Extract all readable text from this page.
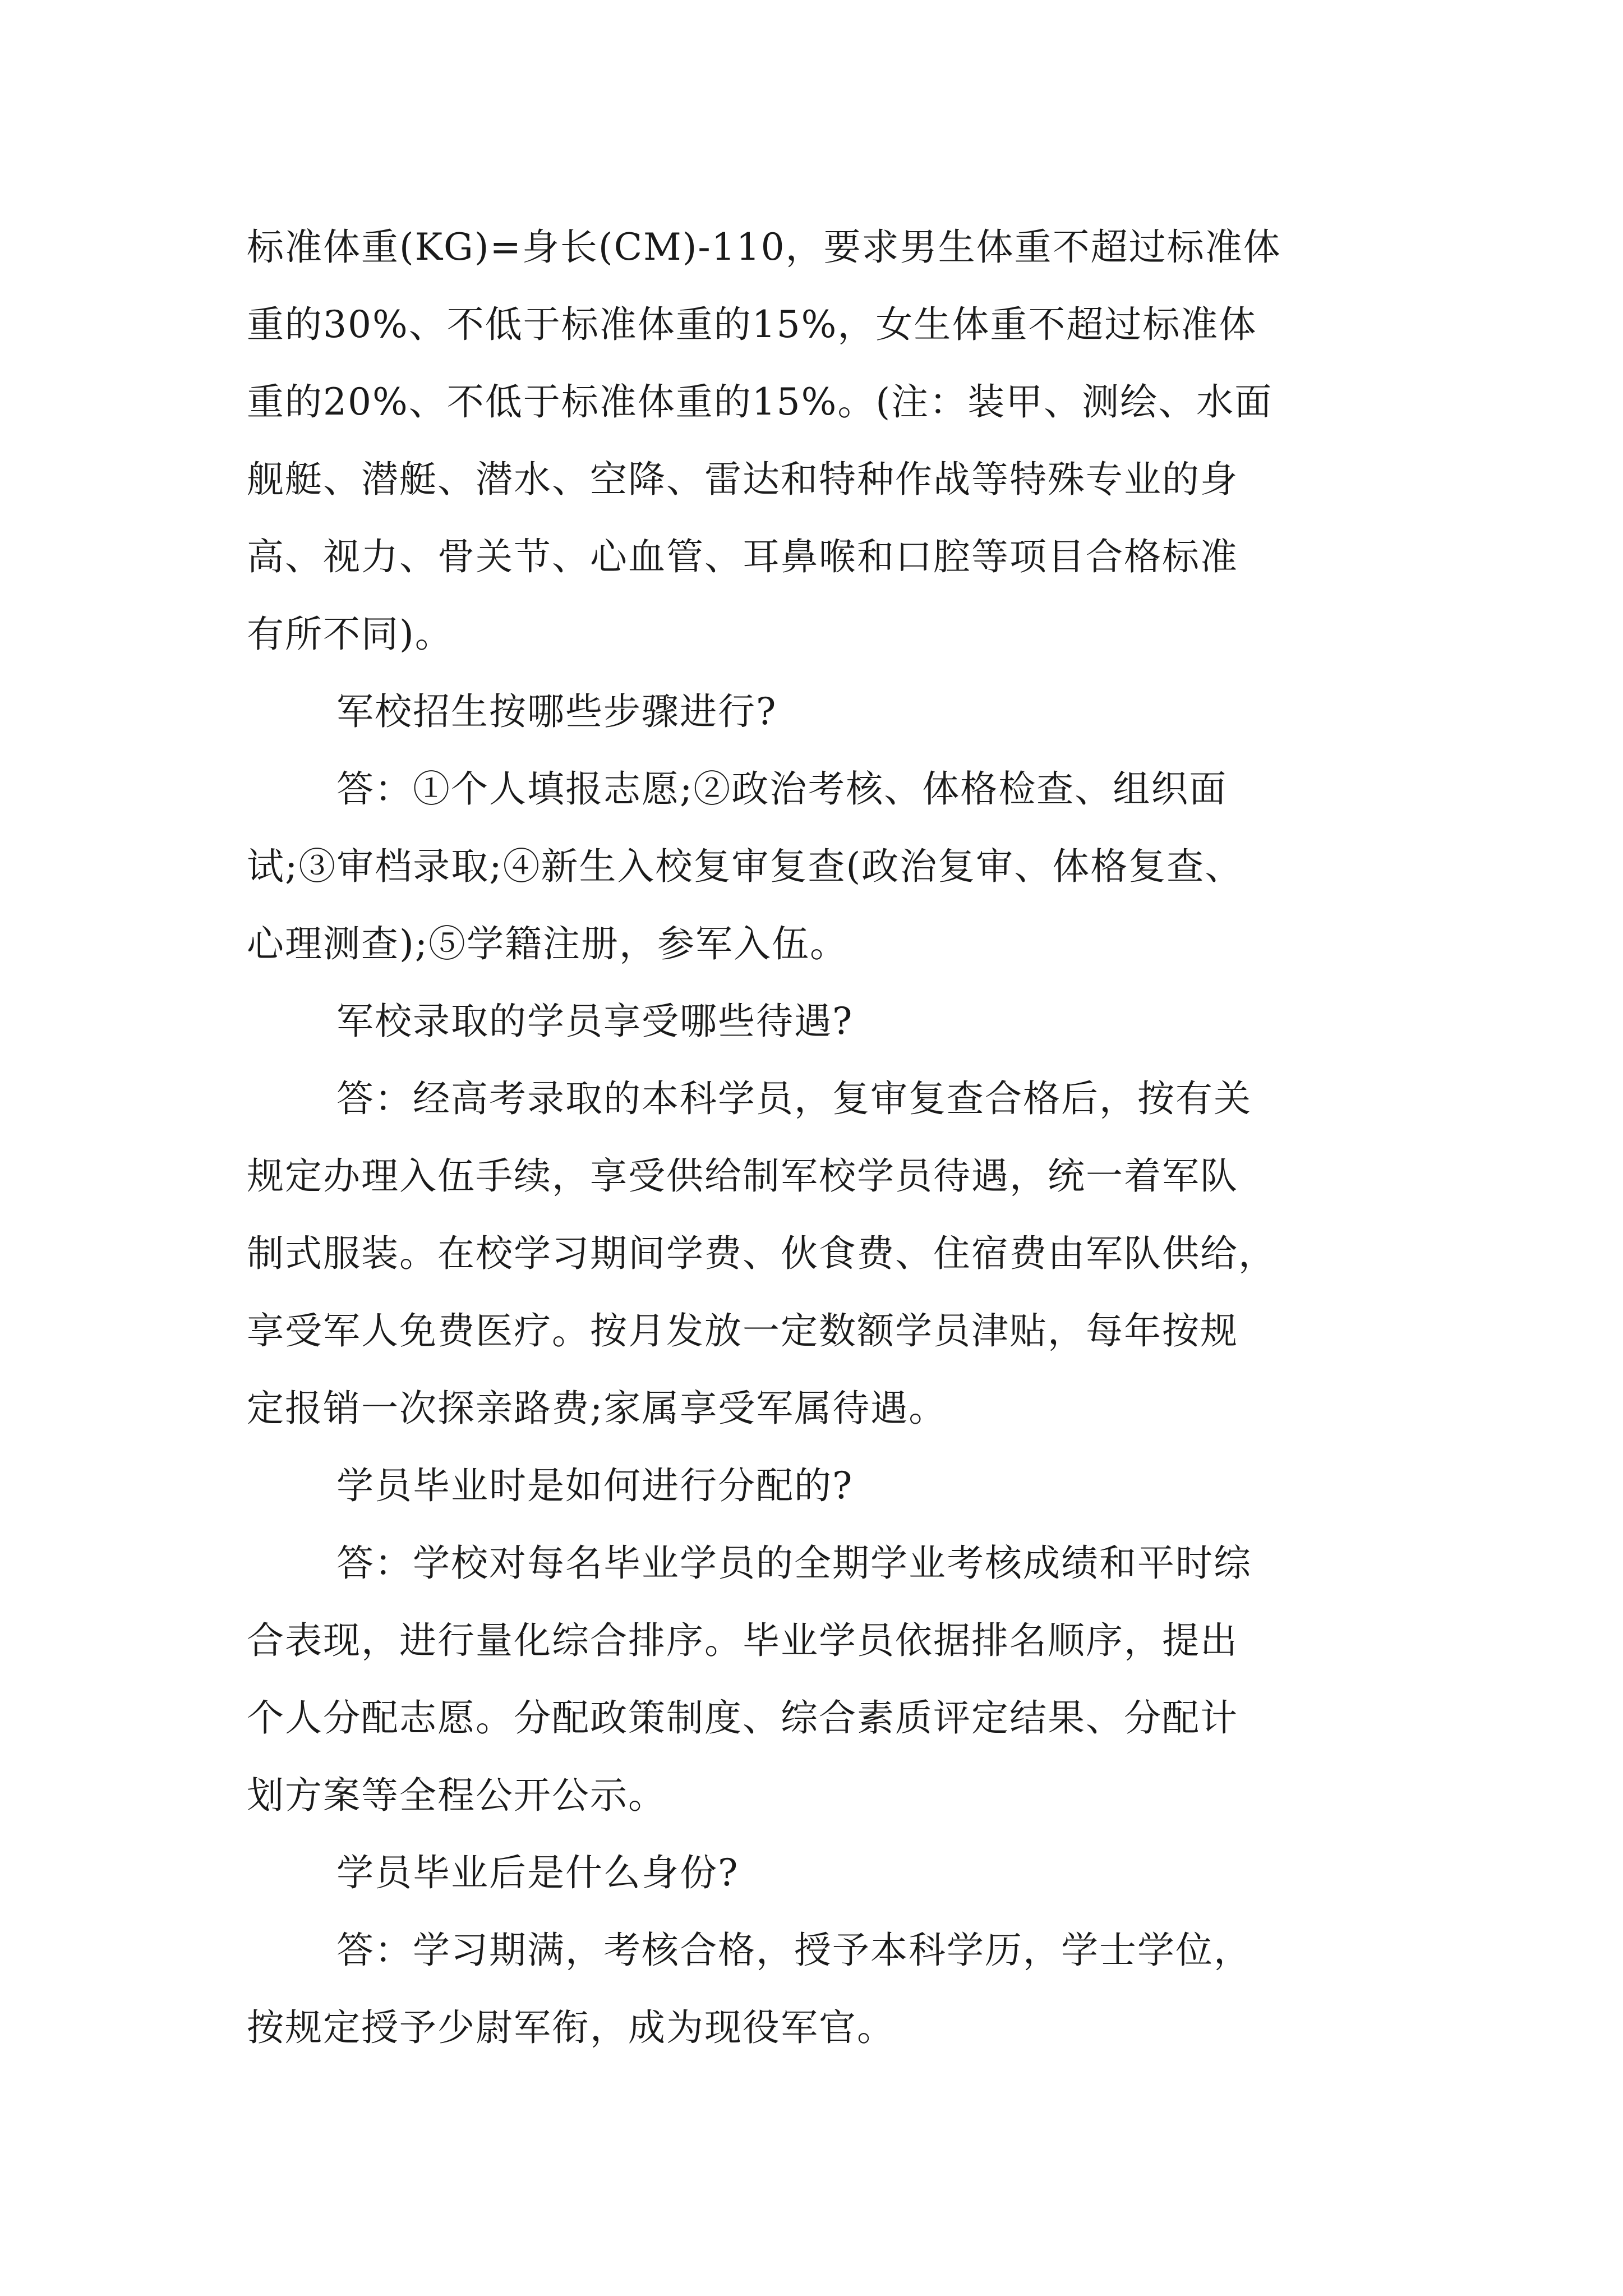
标准体重(KG)=身长(CM)-110，要求男生体重不超过标准体
重的30%、不低于标准体重的15%，女生体重不超过标准体
重的20%、不低于标准体重的15%。(注：装甲、测绘、水面
舰艇、潜艇、潜水、空降、雷达和特种作战等特殊专业的身
高、视力、骨关节、心血管、耳鼻喉和口腔等项目合格标准
有所不同)。

军校招生按哪些步骤进行?

答：①个人填报志愿;②政治考核、体格检查、组织面
试;③审档录取;④新生入校复审复查(政治复审、体格复查、
心理测查);⑤学籍注册，参军入伍。

军校录取的学员享受哪些待遇?

答：经高考录取的本科学员，复审复查合格后，按有关
规定办理入伍手续，享受供给制军校学员待遇，统一着军队
制式服装。在校学习期间学费、伙食费、住宿费由军队供给，
享受军人免费医疗。按月发放一定数额学员津贴，每年按规
定报销一次探亲路费;家属享受军属待遇。

学员毕业时是如何进行分配的?

答：学校对每名毕业学员的全期学业考核成绩和平时综
合表现，进行量化综合排序。毕业学员依据排名顺序，提出
个人分配志愿。分配政策制度、综合素质评定结果、分配计
划方案等全程公开公示。

学员毕业后是什么身份?

答：学习期满，考核合格，授予本科学历，学士学位，
按规定授予少尉军衔，成为现役军官。
